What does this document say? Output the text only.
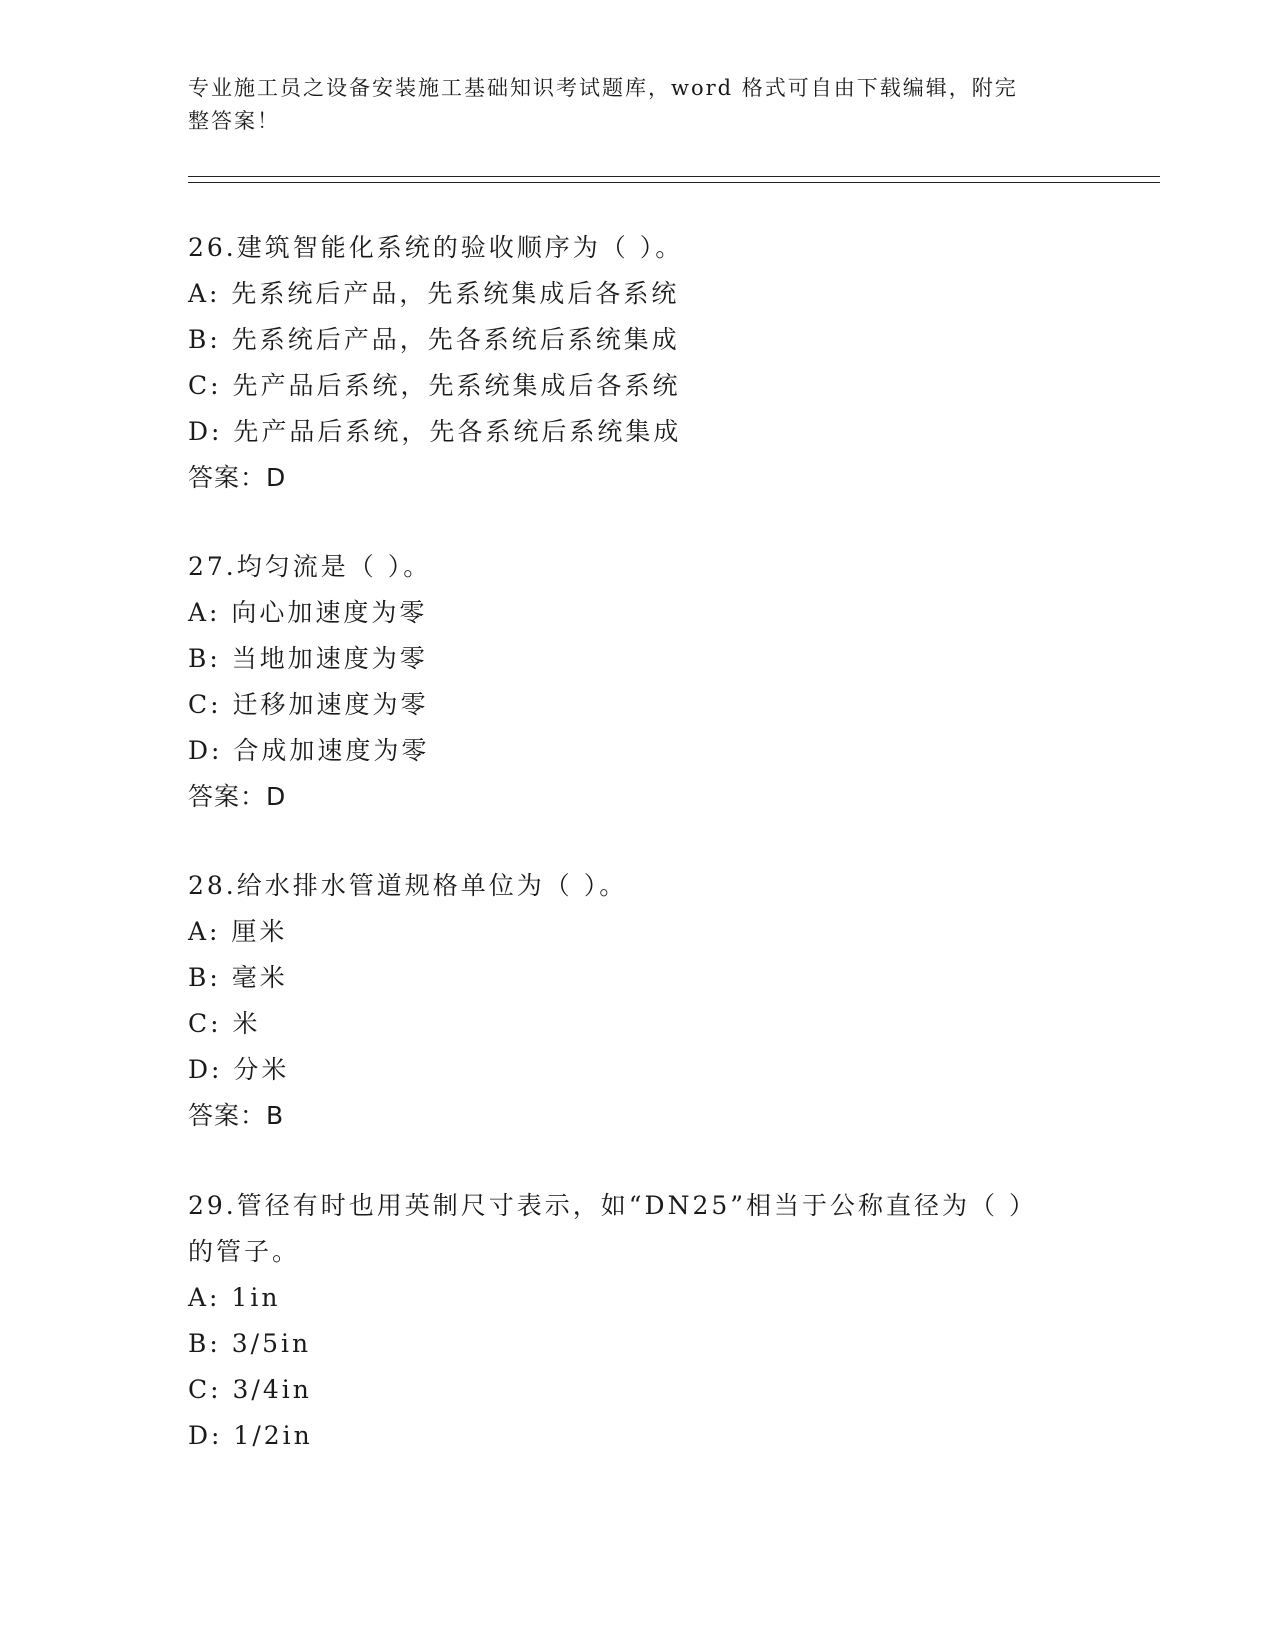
专业施工员之设备安装施工基础知识考试题库，word 格式可自由下载编辑，附完
整答案！
26.建筑智能化系统的验收顺序为（ ）。
A: 先系统后产品，先系统集成后各系统
B: 先系统后产品，先各系统后系统集成
C: 先产品后系统，先系统集成后各系统
D: 先产品后系统，先各系统后系统集成
答案：D
27.均匀流是（ ）。
A: 向心加速度为零
B: 当地加速度为零
C: 迁移加速度为零
D: 合成加速度为零
答案：D
28.给水排水管道规格单位为（ ）。
A: 厘米
B: 毫米
C: 米
D: 分米
答案：B
29.管径有时也用英制尺寸表示，如“DN25”相当于公称直径为（ ）
的管子。
A: 1in
B: 3/5in
C: 3/4in
D: 1/2in
